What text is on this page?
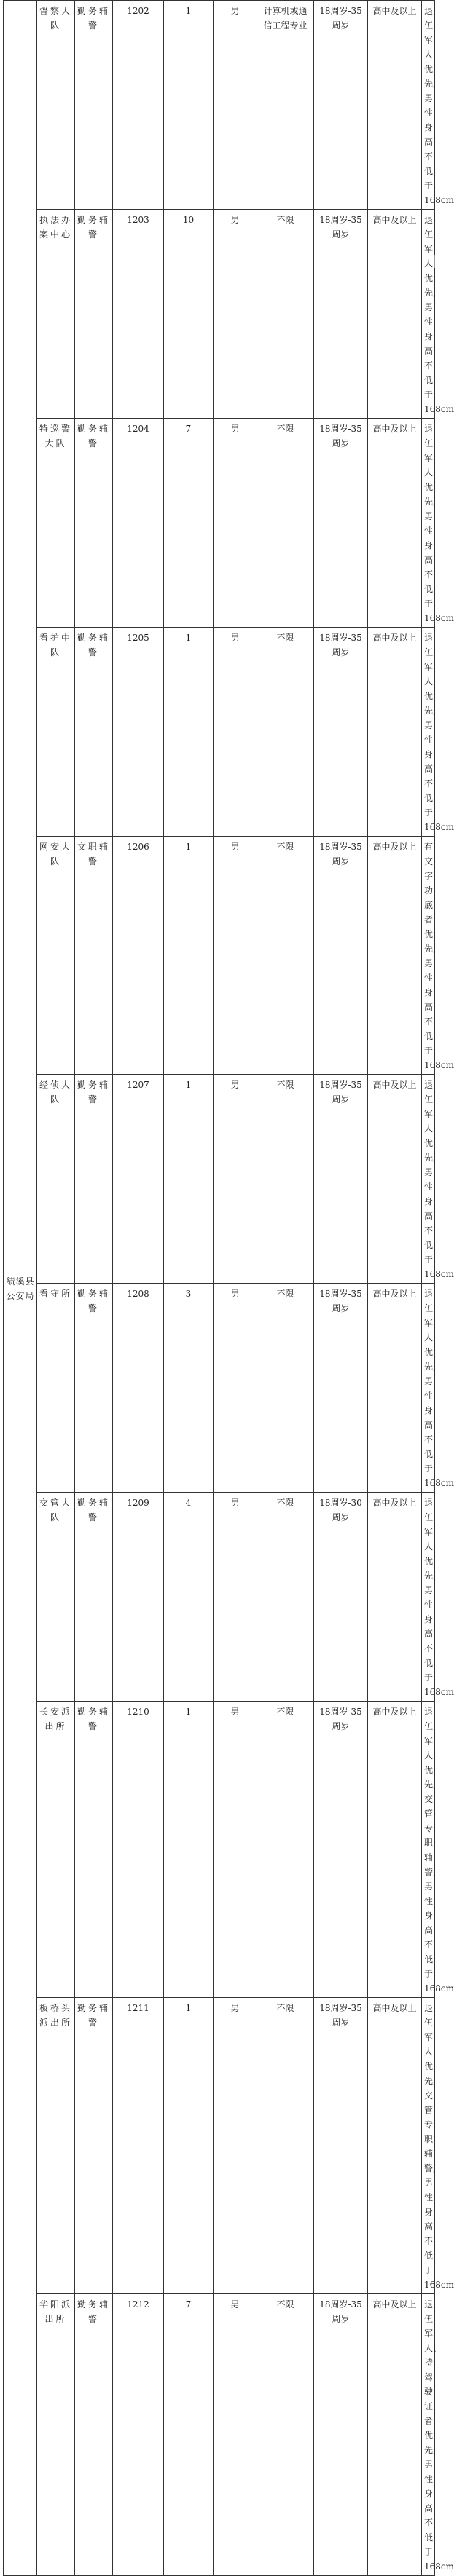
绩溪县公安局	督察大队	勤务辅警	1202	1	男	计算机或通信工程专业	18周岁-35周岁	高中及以上	退伍军人优先,男性身高不低于168cm
	执法办案中心	勤务辅警	1203	10	男	不限	18周岁-35周岁	高中及以上	退伍军人优先,男性身高不低于168cm
	特巡警大队	勤务辅警	1204	7	男	不限	18周岁-35周岁	高中及以上	退伍军人优先,男性身高不低于168cm
	看护中队	勤务辅警	1205	1	男	不限	18周岁-35周岁	高中及以上	退伍军人优先,男性身高不低于168cm
	网安大队	文职辅警	1206	1	男	不限	18周岁-35周岁	高中及以上	有文字功底者优先,男性身高不低于168cm
	经侦大队	勤务辅警	1207	1	男	不限	18周岁-35周岁	高中及以上	退伍军人优先,男性身高不低于168cm
	看守所	勤务辅警	1208	3	男	不限	18周岁-35周岁	高中及以上	退伍军人优先,男性身高不低于168cm
	交管大队	勤务辅警	1209	4	男	不限	18周岁-30周岁	高中及以上	退伍军人优先,男性身高不低于168cm
	长安派出所	勤务辅警	1210	1	男	不限	18周岁-35周岁	高中及以上	退伍军人优先,交管专职辅警,男性身高不低于168cm
	板桥头派出所	勤务辅警	1211	1	男	不限	18周岁-35周岁	高中及以上	退伍军人优先,交管专职辅警,男性身高不低于168cm
	华阳派出所	勤务辅警	1212	7	男	不限	18周岁-35周岁	高中及以上	退伍军人、持驾驶证者优先,男性身高不低于168cm
